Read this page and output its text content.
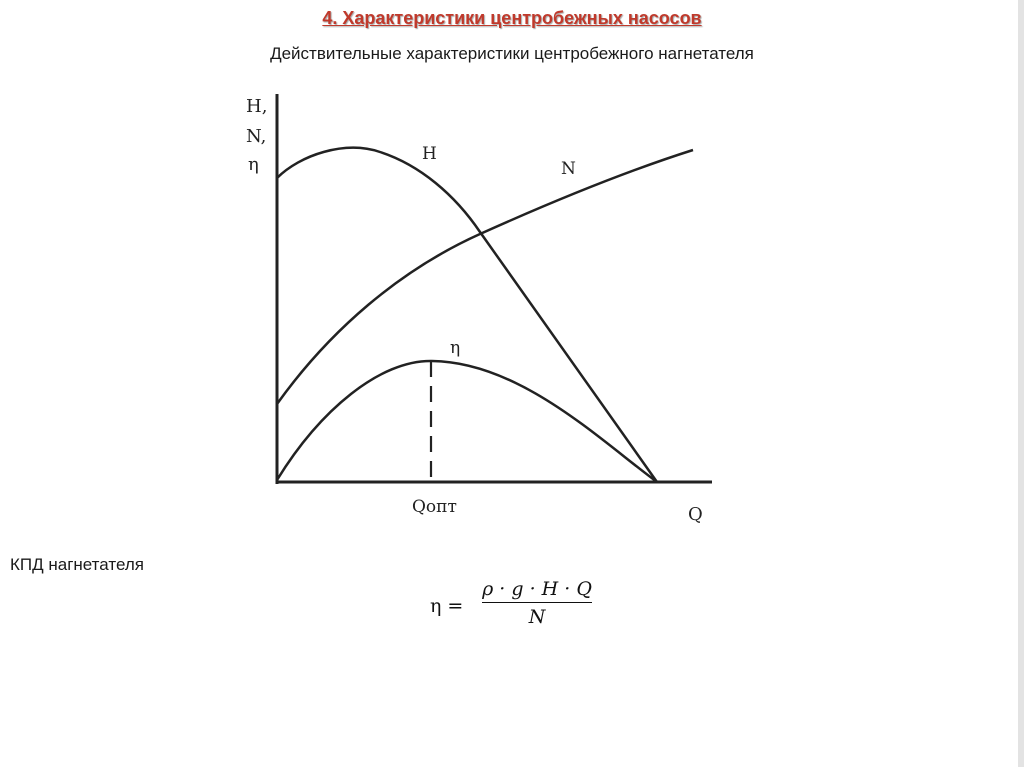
4. Характеристики центробежных насосов
Действительные характеристики центробежного нагнетателя
H,
N,
η
Q
Qопт
H
N
η
КПД нагнетателя
η =
ρ · g · H · Q
N
